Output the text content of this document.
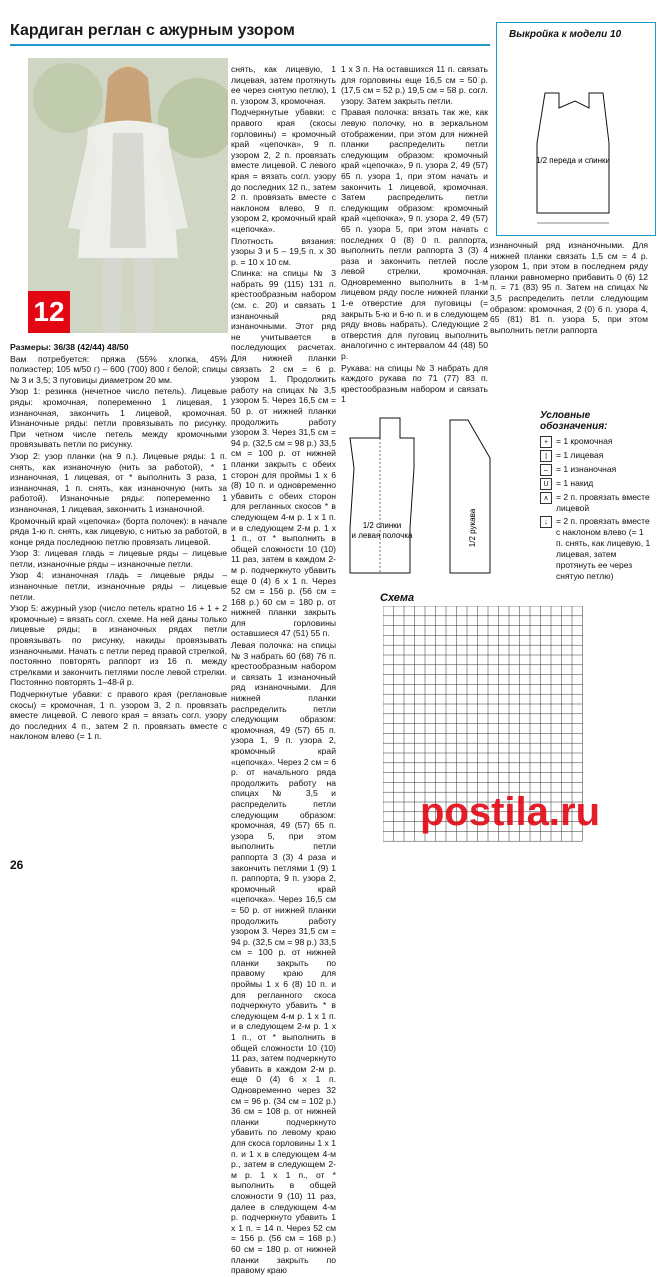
Кардиган реглан с ажурным узором
12

Размеры: 36/38 (42/44) 48/50

Вам потребуется: пряжа (55% хлопка, 45% полиэстер; 105 м/50 г) – 600 (700) 800 г белой; спицы № 3 и 3,5; 3 пуговицы диаметром 20 мм.

Узор 1: резинка (нечетное число петель). Лицевые ряды: кромочная, попеременно 1 лицевая, 1 изнаночная, закончить 1 лицевой, кромочная. Изнаночные ряды: петли провязывать по рисунку. При четном числе петель между кромочными провязывать петли по рисунку.

Узор 2: узор планки (на 9 п.). Лицевые ряды: 1 п. снять, как изнаночную (нить за работой), * 1 изнаночная, 1 лицевая, от * выполнить 3 раза, 1 изнаночная, 1 п. снять, как изнаночную (нить за работой). Изнаночные ряды: попеременно 1 изнаночная, 1 лицевая, закончить 1 изнаночной.

Кромочный край «цепочка» (борта полочек): в начале ряда 1-ю п. снять, как лицевую, с нитью за работой, в конце ряда последнюю петлю провязать лицевой.

Узор 3: лицевая гладь = лицевые ряды – лицевые петли, изнаночные ряды – изнаночные петли.

Узор 4: изнаночная гладь = лицевые ряды – изнаночные петли, изнаночные ряды – лицевые петли.

Узор 5: ажурный узор (число петель кратно 16 + 1 + 2 кромочные) = вязать согл. схеме. На ней даны только лицевые ряды; в изнаночных рядах петли провязывать по рисунку, накиды провязывать изнаночными. Начать с петли перед правой стрелкой, постоянно повторять раппорт из 16 п. между стрелками и закончить петлями после левой стрелки. Постоянно повторять 1–48-й р.

Подчеркнутые убавки: с правого края (реглановые скосы) = кромочная, 1 п. узором 3, 2 п. провязать вместе лицевой. С левого края = вязать согл. узору до последних 4 п., затем 2 п. провязать вместе с наклоном влево (= 1 п.

снять, как лицевую, 1 лицевая, затем протянуть ее через снятую петлю), 1 п. узором 3, кромочная.

Подчеркнутые убавки: с правого края (скосы горловины) = кромочный край «цепочка», 9 п. узором 2, 2 п. провязать вместе лицевой. С левого края = вязать согл. узору до последних 12 п., затем 2 п. провязать вместе с наклоном влево, 9 п. узором 2, кромочный край «цепочка».

Плотность вязания: узоры 3 и 5 – 19,5 п. х 30 р. = 10 х 10 см.

Спинка: на спицы № 3 набрать 99 (115) 131 п. крестообразным набором (см. с. 20) и связать 1 изнаночный ряд изнаночными. Этот ряд не учитывается в последующих расчетах. Для нижней планки связать 2 см = 6 р. узором 1. Продолжить работу на спицах № 3,5 узором 5. Через 16,5 см = 50 р. от нижней планки продолжить работу узором 3. Через 31,5 см = 94 р. (32,5 см = 98 р.) 33,5 см = 100 р. от нижней планки закрыть с обеих сторон для проймы 1 х 6 (8) 10 п. и одновременно убавить с обеих сторон для регланных скосов * в следующем 4-м р. 1 х 1 п. и в следующем 2-м р. 1 х 1 п., от * выполнить в общей сложности 10 (10) 11 раз, затем в каждом 2-м р. подчеркнуто убавить еще 0 (4) 6 х 1 п. Через 52 см = 156 р. (56 см = 168 р.) 60 см = 180 р. от нижней планки закрыть для горловины оставшиеся 47 (51) 55 п.

Левая полочка: на спицы № 3 набрать 60 (68) 76 п. крестообразным набором и связать 1 изнаночный ряд изнаночными. Для нижней планки распределить петли следующим образом: кромочная, 49 (57) 65 п. узора 1, 9 п. узора 2, кромочный край «цепочка». Через 2 см = 6 р. от начального ряда продолжить работу на спицах № 3,5 и распределить петли следующим образом: кромочная, 49 (57) 65 п. узора 5, при этом выполнить петли раппорта 3 (3) 4 раза и закончить петлями 1 (9) 1 п. раппорта, 9 п. узора 2, кромочный край «цепочка». Через 16,5 см = 50 р. от нижней планки продолжить работу узором 3. Через 31,5 см = 94 р. (32,5 см = 98 р.) 33,5 см = 100 р. от нижней планки закрыть по правому краю для проймы 1 х 6 (8) 10 п. и для регланного скоса подчеркнуто убавить * в следующем 4-м р. 1 х 1 п. и в следующем 2-м р. 1 х 1 п., от * выполнить в общей сложности 10 (10) 11 раз, затем подчеркнуто убавить в каждом 2-м р. еще 0 (4) 6 х 1 п. Одновременно через 32 см = 96 р. (34 см = 102 р.) 36 см = 108 р. от нижней планки подчеркнуто убавить по левому краю для скоса горловины 1 х 1 п. и 1 х в следующем 4-м р., затем в следующем 2-м р. 1 х 1 п., от * выполнить в общей сложности 9 (10) 11 раз, далее в следующем 4-м р. подчеркнуто убавить 1 х 1 п. = 14 п. Через 52 см = 156 р. (56 см = 168 р.) 60 см = 180 р. от нижней планки закрыть по правому краю

1 х 3 п. На оставшихся 11 п. связать для горловины еще 16,5 см = 50 р. (17,5 см = 52 р.) 19,5 см = 58 р. согл. узору. Затем закрыть петли.

Правая полочка: вязать так же, как левую полочку, но в зеркальном отображении, при этом для нижней планки распределить петли следующим образом: кромочный край «цепочка», 9 п. узора 2, 49 (57) 65 п. узора 1, при этом начать и закончить 1 лицевой, кромочная. Затем распределить петли следующим образом: кромочный край «цепочка», 9 п. узора 2, 49 (57) 65 п. узора 5, при этом начать с последних 0 (8) 0 п. раппорта, выполнить петли раппорта 3 (3) 4 раза и закончить петлей после левой стрелки, кромочная. Одновременно выполнить в 1-м лицевом ряду после нижней планки 1-е отверстие для пуговицы (= закрыть 5-ю и 6-ю п. и в следующем ряду вновь набрать). Следующие 2 отверстия для пуговиц выполнить аналогично с интервалом 44 (48) 50 р.

Рукава: на спицы № 3 набрать для каждого рукава по 71 (77) 83 п. крестообразным набором и связать 1

изнаночный ряд изнаночными. Для нижней планки связать 1,5 см = 4 р. узором 1, при этом в последнем ряду планки равномерно прибавить 0 (6) 12 п. = 71 (83) 95 п. Затем на спицах № 3,5 распределить петли следующим образом: кромочная, 2 (0) 6 п. узора 4, 65 (81) 81 п. узора 5, при этом выполнить петли раппорта

Выкройка к модели 10
1/2 переда и спинки
1/2 спинки
и левая полочка	1/2 рукава
Условные обозначения:
+ = 1 кромочная
|	= 1 лицевая
– = 1 изнаночная
U = 1 накид
∧ = 2 п. провязать вместе лицевой
↓ = 2 п. провязать вместе с наклоном влево (= 1 п. снять, как лицевую, 1 лицевая, затем протянуть ее через снятую петлю)
Схема
26
postila.ru
